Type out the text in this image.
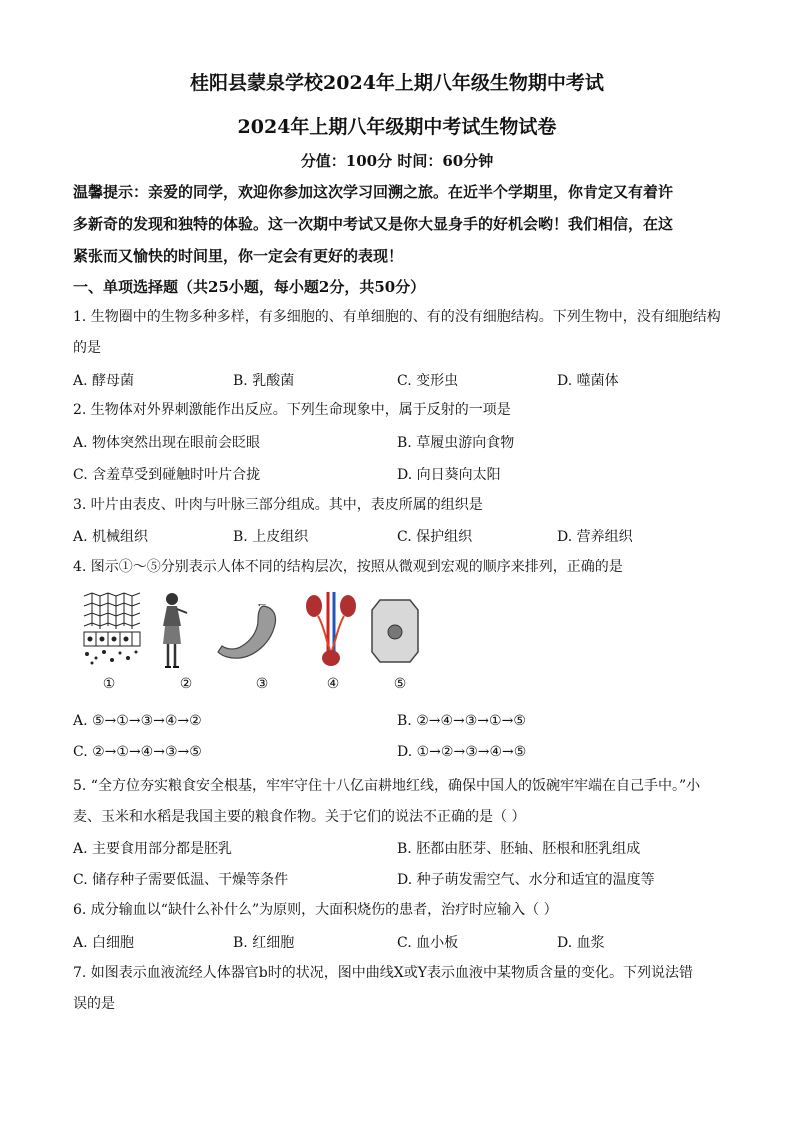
桂阳县蒙泉学校2024年上期八年级生物期中考试
2024年上期八年级期中考试生物试卷
分值：100分 时间：60分钟
温馨提示：亲爱的同学，欢迎你参加这次学习回溯之旅。在近半个学期里，你肯定又有着许
多新奇的发现和独特的体验。这一次期中考试又是你大显身手的好机会哟！我们相信，在这
紧张而又愉快的时间里，你一定会有更好的表现！
一、单项选择题（共25小题，每小题2分，共50分）
1. 生物圈中的生物多种多样，有多细胞的、有单细胞的、有的没有细胞结构。下列生物中，没有细胞结构
的是
A. 酵母菌	B. 乳酸菌	C. 变形虫	D. 噬菌体
2. 生物体对外界刺激能作出反应。下列生命现象中，属于反射的一项是
A. 物体突然出现在眼前会眨眼	B. 草履虫游向食物
C. 含羞草受到碰触时叶片合拢	D. 向日葵向太阳
3. 叶片由表皮、叶肉与叶脉三部分组成。其中，表皮所属的组织是
A. 机械组织	B. 上皮组织	C. 保护组织	D. 营养组织
4. 图示①～⑤分别表示人体不同的结构层次，按照从微观到宏观的顺序来排列，正确的是
①	②	③	④	⑤
A. ⑤→①→③→④→②	B. ②→④→③→①→⑤
C. ②→①→④→③→⑤	D. ①→②→③→④→⑤
5. “全方位夯实粮食安全根基，牢牢守住十八亿亩耕地红线，确保中国人的饭碗牢牢端在自己手中。”小
麦、玉米和水稻是我国主要的粮食作物。关于它们的说法不正确的是（ ）
A. 主要食用部分都是胚乳	B. 胚都由胚芽、胚轴、胚根和胚乳组成
C. 储存种子需要低温、干燥等条件	D. 种子萌发需空气、水分和适宜的温度等
6. 成分输血以“缺什么补什么”为原则，大面积烧伤的患者，治疗时应输入（ ）
A. 白细胞	B. 红细胞	C. 血小板	D. 血浆
7. 如图表示血液流经人体器官b时的状况，图中曲线X或Y表示血液中某物质含量的变化。下列说法错
误的是
